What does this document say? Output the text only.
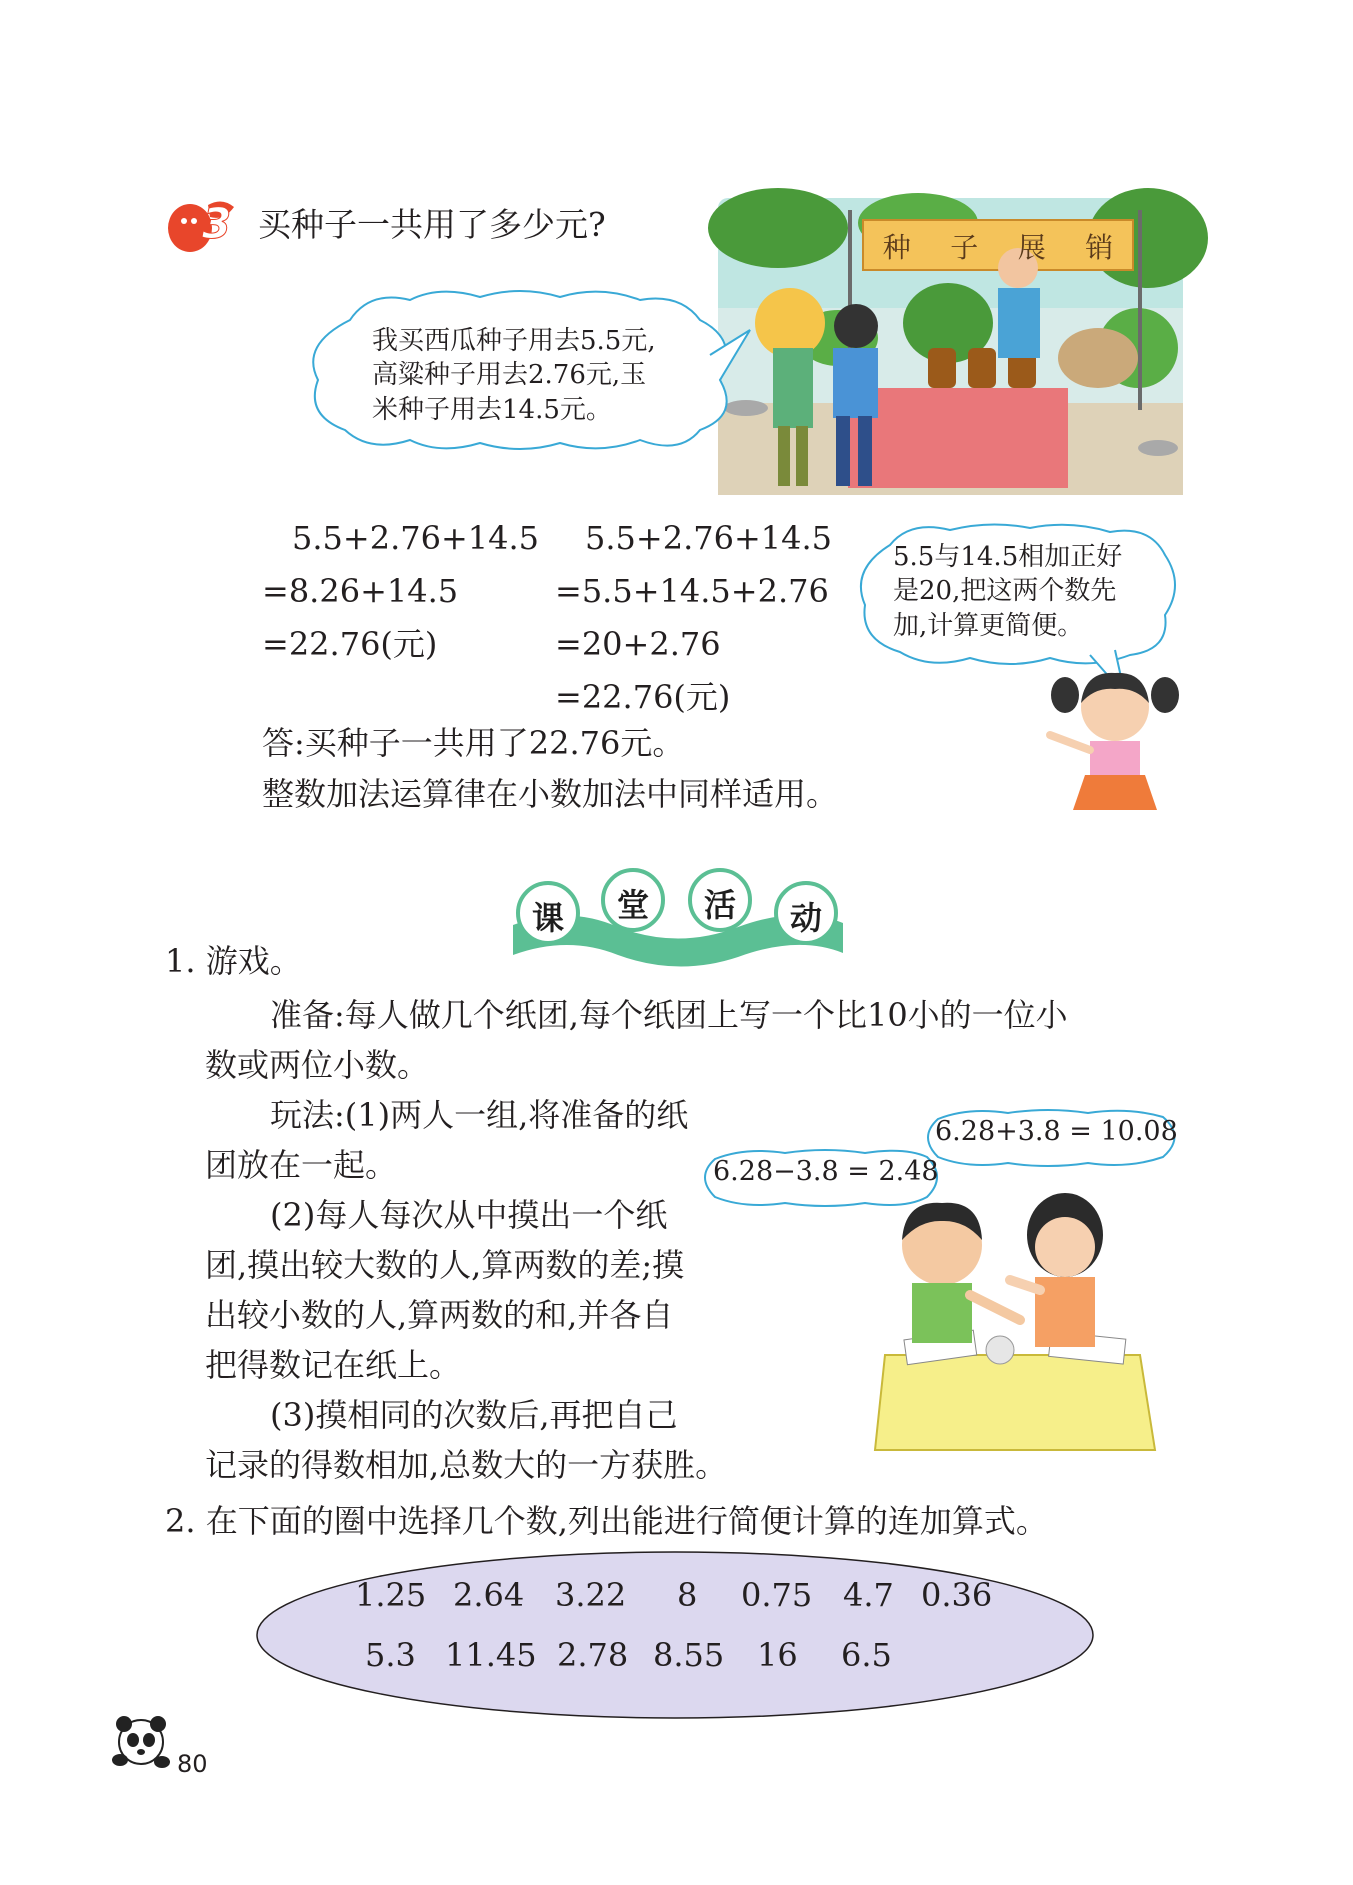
3 买种子一共用了多少元?
种 子 展 销
我买西瓜种子用去5.5元,
高粱种子用去2.76元,玉
米种子用去14.5元。
5.5+2.76+14.5
=8.26+14.5
=22.76(元)
5.5+2.76+14.5
=5.5+14.5+2.76
=20+2.76
=22.76(元)
5.5与14.5相加正好
是20,把这两个数先
加,计算更简便。
答:买种子一共用了22.76元。
整数加法运算律在小数加法中同样适用。
课 堂 活 动
1. 游戏。
准备:每人做几个纸团,每个纸团上写一个比10小的一位小
数或两位小数。
玩法:(1)两人一组,将准备的纸
团放在一起。
(2)每人每次从中摸出一个纸
团,摸出较大数的人,算两数的差;摸
出较小数的人,算两数的和,并各自
把得数记在纸上。
(3)摸相同的次数后,再把自己
记录的得数相加,总数大的一方获胜。
6.28+3.8 = 10.08
6.28−3.8 = 2.48
2. 在下面的圈中选择几个数,列出能进行简便计算的连加算式。
1.25 2.64 3.22 8 0.75 4.7 0.36
5.3 11.45 2.78 8.55 16 6.5
80
